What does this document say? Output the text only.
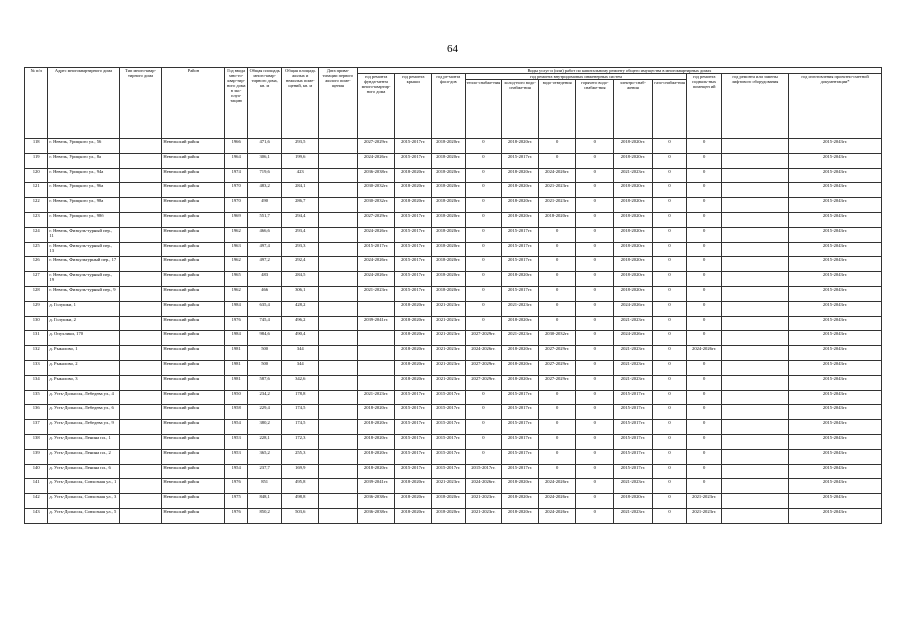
64
№ п/п	Адрес многоквартирного дома	Тип много-квар-тирного дома	Район	Год ввода мно-го-квар-тир-ного дома в экс-плуа-тацию	Общая площадь много-квар-тирного дома, кв. м	Общая площадь жилых и нежилых поме-щений, кв. м	Дата прива-тизации первого жилого поме-щения	Виды услуг и (или) работ по капитальному ремонту общего имущества в многоквартирных домах											
								год ремонта фунда-мента много-квартир-ного дома	год ремонта крыши	год ре-монта фаса-дов	год ремонта внутридомовых инженерных систем						год ремонта подваль-ных помещен ий	год ремонта или замены лифтового оборудования	год изготовления проектно-сметной документации*
											тепло-снабже-ния	холод-ного водо-снабже-ния	водо-отведения	горячего водо-снабже-ния	электро-снаб-жения	газо-снабже-ния			
118	г. Невель, Урицкого ул., 56		Невельский район	1966	471,6	293,5		2027-2029гг.	2015-2017гг.	2018-2020гг.	0	2018-2020гг.	0	0	2018-2020гг.	0	0		2015-2043гг.
119	г. Невель, Урицкого ул., 8а		Невельский район	1964	306,1	199,6		2024-2026гг.	2015-2017гг.	2018-2020гг.	0	2015-2017гг.	0	0	2018-2020гг.	0	0		2015-2043гг.
120	г. Невель, Урицкого ул., 94а		Невельский район	1974	719,6	423		2036-2038гг.	2018-2020гг.	2018-2020гг.	0	2018-2020гг.	2024-2026гг.	0	2021-2023гг.	0	0		2015-2043гг.
121	г. Невель, Урицкого ул., 96а		Невельский район	1970	483,2	284,1		2030-2032гг.	2018-2020гг.	2018-2020гг.	0	2018-2020гг.	2021-2023гг.	0	2018-2020гг.	0	0		2015-2043гг.
122	г. Невель, Урицкого ул., 98а		Невельский район	1970	490	286,7		2030-2032гг.	2018-2020гг.	2018-2020гг.	0	2018-2020гг.	2021-2023гг.	0	2018-2020гг.	0	0		2015-2043гг.
123	г. Невель, Урицкого ул., 98б		Невельский район	1969	551,7	294,4		2027-2029гг.	2015-2017гг.	2018-2020гг.	0	2018-2020гг.	2018-2020гг.	0	2018-2020гг.	0	0		2015-2043гг.
124	г. Невель, Физкуль-турный пер., 11		Невельский район	1962	466,6	293,4		2024-2026гг.	2015-2017гг.	2018-2020гг.	0	2015-2017гг.	0	0	2018-2020гг.	0	0		2015-2043гг.
125	г. Невель, Физкуль-турный пер., 13		Невельский район	1963	497,4	293,3		2015-2017гг.	2015-2017гг.	2018-2020гг.	0	2015-2017гг.	0	0	2018-2020гг.	0	0		2015-2043гг.
126	г. Невель, Физкультурный пер., 17		Невельский район	1962	497,2	292,4		2024-2026гг.	2015-2017гг.	2018-2020гг.	0	2015-2017гг.	0	0	2018-2020гг.	0	0		2015-2043гг.
127	г. Невель, Физкуль-турный пер., 19		Невельский район	1965	483	284,5		2024-2026гг.	2015-2017гг.	2018-2020гг.	0	2018-2020гг.	0	0	2018-2020гг.	0	0		2015-2043гг.
128	г. Невель, Физкуль-турный пер., 9		Невельский район	1962	466	306,1		2021-2023гг.	2015-2017гг.	2018-2020гг.	0	2015-2017гг.	0	0	2018-2020гг.	0	0		2015-2043гг.
129	д. Голушки, 1		Невельский район	1984	635,4	428,2			2018-2020гг.	2021-2023гг.	0	2021-2023гг.	0	0	2024-2026гг.	0	0		2015-2043гг.
130	д. Голушки, 2		Невельский район	1976	745,4	496,2		2039-2041гг.	2018-2020гг.	2021-2023гг.	0	2018-2020гг.	0	0	2021-2023гг.	0	0		2015-2043гг.
131	д. Опухлики, 170		Невельский район	1984	984,6	490,4			2018-2020гг.	2021-2023гг.	2027-2029гг.	2021-2023гг.	2030-2032гг.	0	2024-2026гг.	0	0		2015-2043гг.
132	д. Рыкалово, 1		Невельский район	1981	500	344			2018-2020гг.	2021-2023гг.	2024-2026гг.	2018-2020гг.	2027-2029гг.	0	2021-2023гг.	0	2024-2026гг.		2015-2043гг.
133	д. Рыкалово, 2		Невельский район	1981	500	344			2018-2020гг.	2021-2023гг.	2027-2029гг.	2018-2020гг.	2027-2029гг.	0	2021-2023гг.	0	0		2015-2043гг.
134	д. Рыкалово, 3		Невельский район	1981	587,6	342,6			2018-2020гг.	2021-2023гг.	2027-2029гг.	2018-2020гг.	2027-2029гг.	0	2021-2023гг.	0	0		2015-2043гг.
135	д. Усть-Долыссы, Лебедева ул., 4		Невельский район	1950	234,2	178,8		2021-2023гг.	2015-2017гг.	2015-2017гг.	0	2015-2017гг.	0	0	2015-2017гг.	0	0		2015-2043гг.
136	д. Усть-Долыссы, Лебедева ул., 6		Невельский район	1958	229,4	174,5		2018-2020гг.	2015-2017гг.	2015-2017гг.	0	2015-2017гг.	0	0	2015-2017гг.	0	0		2015-2043гг.
137	д. Усть-Долыссы, Лебедева ул., 9		Невельский район	1954	380,2	174,5		2018-2020гг.	2015-2017гг.	2015-2017гг.	0	2015-2017гг.	0	0	2015-2017гг.	0	0		2015-2043гг.
138	д. Усть-Долыссы, Ленина пл., 1		Невельский район	1953	228,1	172,3		2018-2020гг.	2015-2017гг.	2015-2017гг.	0	2015-2017гг.	0	0	2015-2017гг.	0	0		2015-2043гг.
139	д. Усть-Долыссы, Ленина пл., 2		Невельский район	1953	365,2	255,3		2018-2020гг.	2015-2017гг.	2015-2017гг.	0	2015-2017гг.	0	0	2015-2017гг.	0	0		2015-2043гг.
140	д. Усть-Долыссы, Ленина пл., 6		Невельский район	1954	237,7	169,9		2018-2020гг.	2015-2017гг.	2015-2017гг.	2015-2017гг.	2015-2017гг.	0	0	2015-2017гг.	0	0		2015-2043гг.
141	д. Усть-Долыссы, Совхозная ул., 1		Невельский район	1976	851	495,8		2039-2041гг.	2018-2020гг.	2021-2023гг.	2024-2026гг.	2018-2020гг.	2024-2026гг.	0	2021-2023гг.	0	0		2015-2043гг.
142	д. Усть-Долыссы, Совхозная ул., 3		Невельский район	1975	848,1	498,8		2036-2038гг.	2018-2020гг.	2018-2020гг.	2021-2023гг.	2018-2020гг.	2024-2026гг.	0	2018-2020гг.	0	2021-2023гг.		2015-2043гг.
143	д. Усть-Долыссы, Совхозная ул., 5		Невельский район	1976	850,2	503,6		2036-2038гг.	2018-2020гг.	2018-2020гг.	2021-2023гг.	2018-2020гг.	2024-2026гг.	0	2021-2023гг.	0	2021-2023гг.		2015-2043гг.
